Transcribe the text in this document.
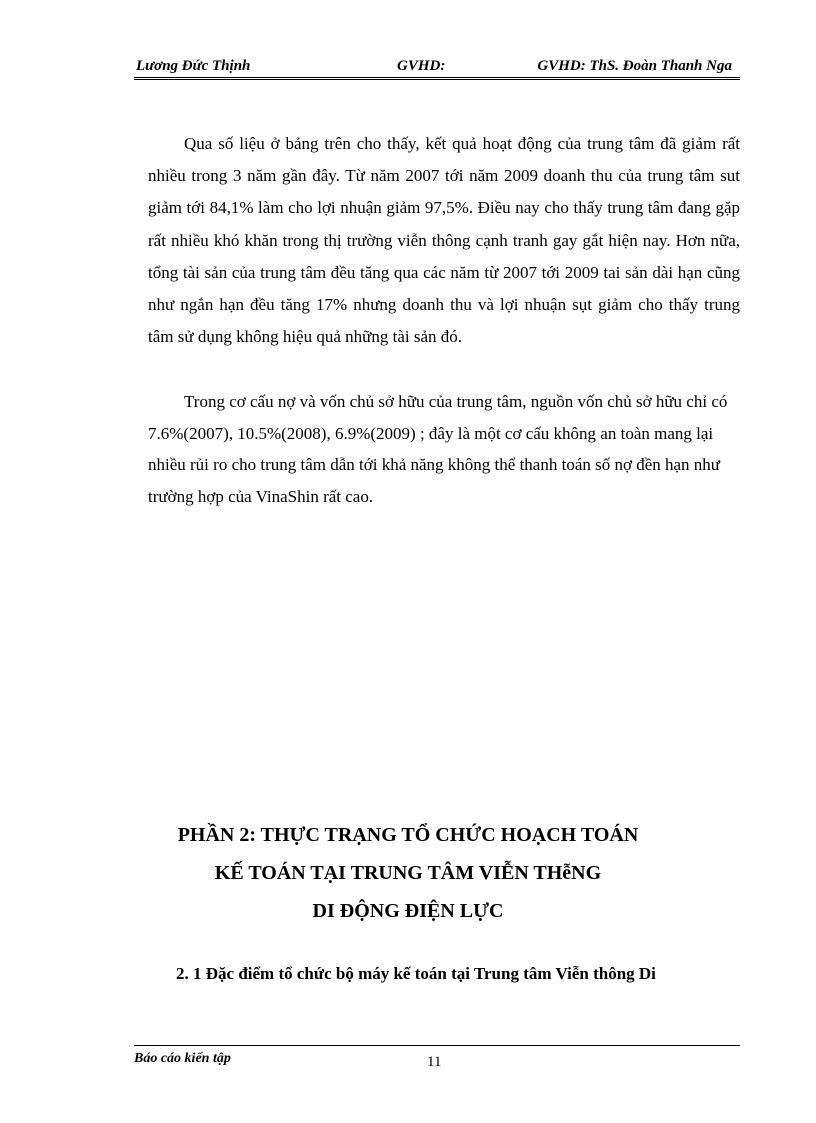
Lương Đức Thịnh	GVHD:	GVHD: ThS. Đoàn Thanh Nga

Qua số liệu ở bảng trên cho thấy, kết quả hoạt động của trung tâm đã giảm rất nhiều trong 3 năm gần đây. Từ năm 2007 tới năm 2009 doanh thu của trung tâm sut giảm tới 84,1% làm cho lợi nhuận giảm 97,5%. Điều nay cho thấy trung tâm đang gặp rất nhiều khó khăn trong thị trường viễn thông cạnh tranh gay gắt hiện nay. Hơn nữa, tổng tài sản của trung tâm đều tăng qua các năm từ 2007 tới 2009 tai sản dài hạn cũng như ngắn hạn đều tăng 17% nhưng doanh thu và lợi nhuận sụt giảm cho thấy trung tâm sử dụng không hiệu quả những tài sản đó.

Trong cơ cấu nợ và vốn chủ sở hữu của trung tâm, nguồn vốn chủ sở hữu chỉ có 7.6%(2007), 10.5%(2008), 6.9%(2009) ; đây là một cơ cấu không an toàn mang lại nhiều rủi ro cho trung tâm dẫn tới khả năng không thể thanh toán số nợ đền hạn như trường hợp của VinaShin rất cao.

PHẦN 2: THỰC TRẠNG TỔ CHỨC HOẠCH TOÁN
KẾ TOÁN TẠI TRUNG TÂM VIỄN THễNG
DI ĐỘNG ĐIỆN LỰC
2. 1 Đặc điểm tổ chức bộ máy kế toán tại Trung tâm Viễn thông Di
Báo cáo kiến tập	11
